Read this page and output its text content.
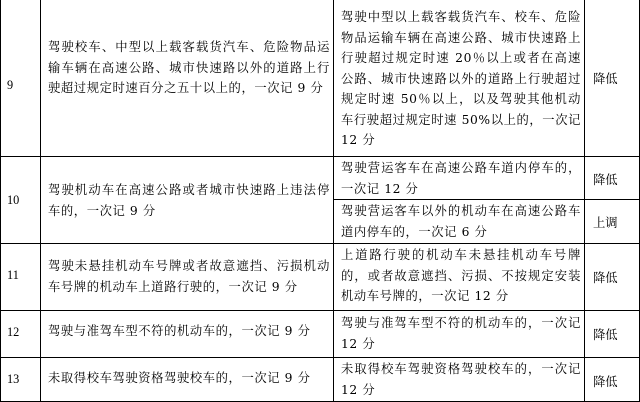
9
驾驶校车、中型以上载客载货汽车、危险物品运输车辆在高速公路、城市快速路以外的道路上行驶超过规定时速百分之五十以上的，一次记 9 分
驾驶中型以上载客载货汽车、校车、危险物品运输车辆在高速公路、城市快速路上行驶超过规定时速 20％以上或者在高速公路、城市快速路以外的道路上行驶超过规定时速 50％以上，以及驾驶其他机动车行驶超过规定时速 50%以上的，一次记 12 分
降低
10
驾驶机动车在高速公路或者城市快速路上违法停车的，一次记 9 分
驾驶营运客车在高速公路车道内停车的，一次记 12 分
降低
驾驶营运客车以外的机动车在高速公路车道内停车的，一次记 6 分
上调
11
驾驶未悬挂机动车号牌或者故意遮挡、污损机动车号牌的机动车上道路行驶的，一次记 9 分
上道路行驶的机动车未悬挂机动车号牌的，或者故意遮挡、污损、不按规定安装机动车号牌的，一次记 12 分
降低
12 驾驶与准驾车型不符的机动车的，一次记 9 分
驾驶与准驾车型不符的机动车的，一次记 12 分
降低
13 未取得校车驾驶资格驾驶校车的，一次记 9 分
未取得校车驾驶资格驾驶校车的，一次记 12 分
降低
